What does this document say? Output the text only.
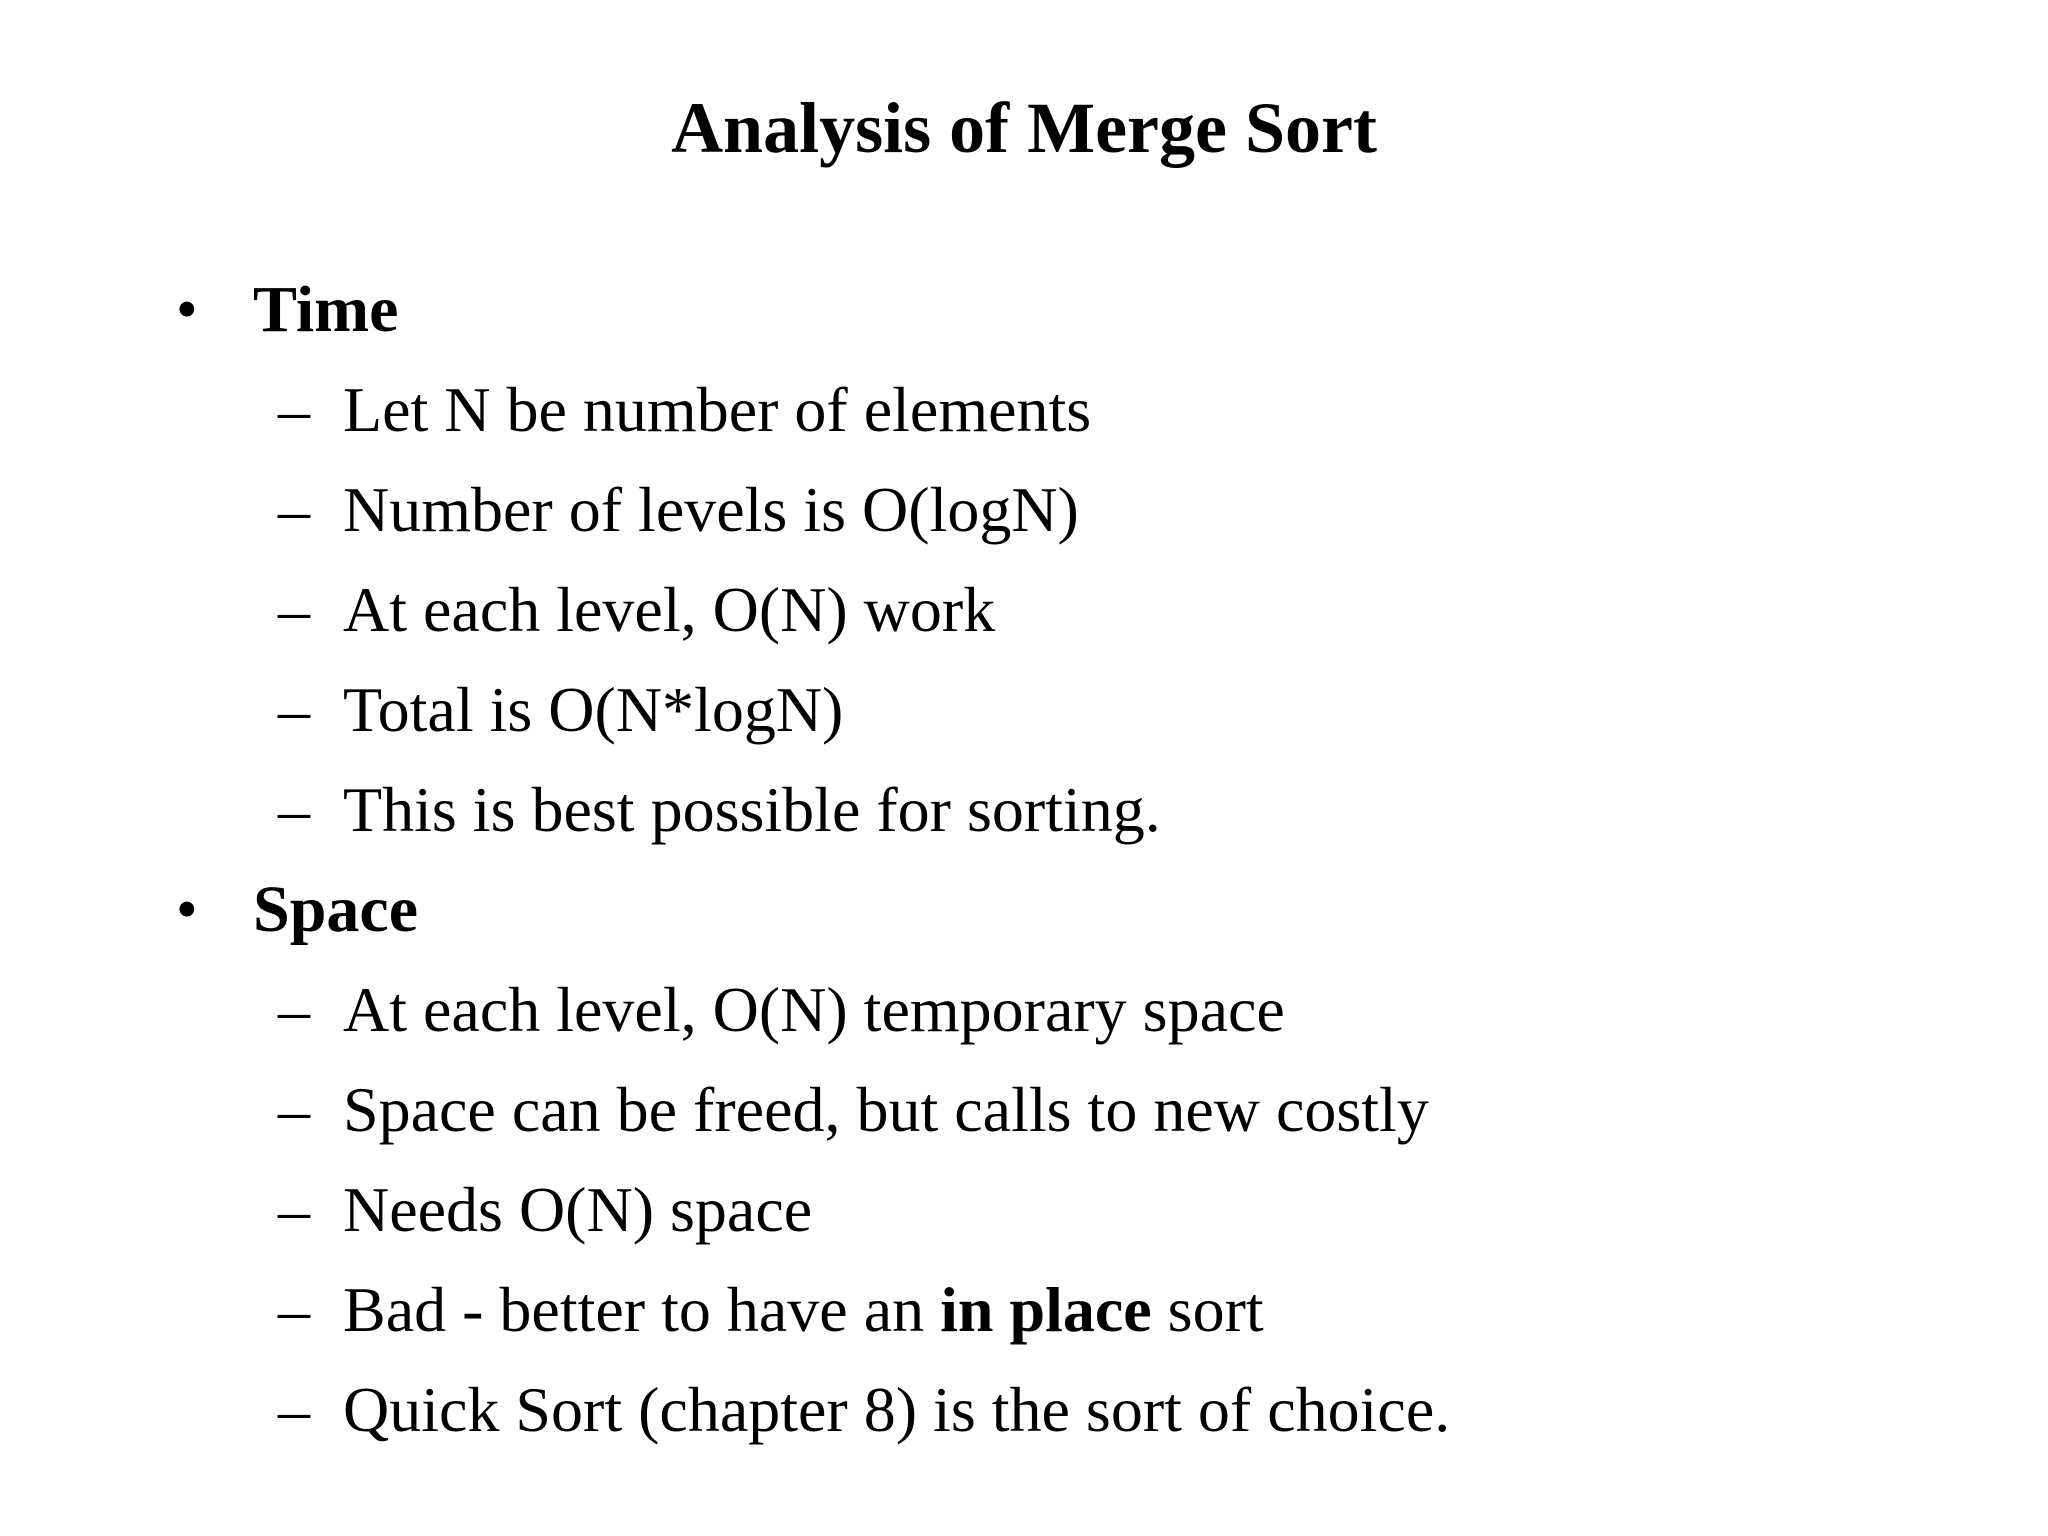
Analysis of Merge Sort
• Time
– Let N be number of elements
– Number of levels is O(logN)
– At each level, O(N) work
– Total is O(N*logN)
– This is best possible for sorting.
• Space
– At each level, O(N) temporary space
– Space can be freed, but calls to new costly
– Needs O(N) space
– Bad - better to have an in place sort
– Quick Sort (chapter 8) is the sort of choice.
